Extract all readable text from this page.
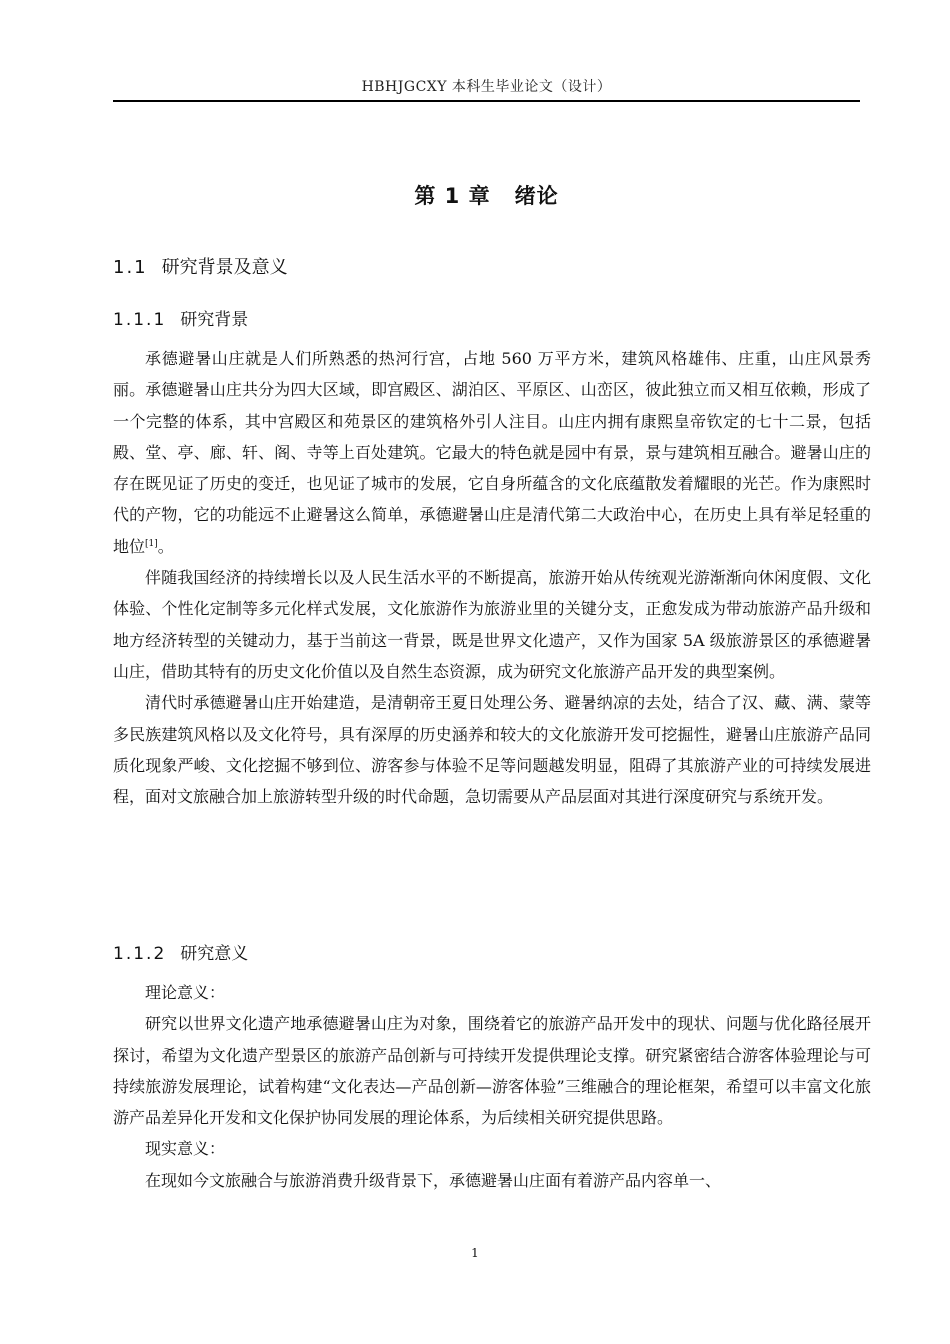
HBHJGCXY 本科生毕业论文（设计）
第 1 章 绪论
1.1 研究背景及意义
1.1.1 研究背景

承德避暑山庄就是人们所熟悉的热河行宫，占地 560 万平方米，建筑风格雄伟、庄重，山庄风景秀丽。承德避暑山庄共分为四大区域，即宫殿区、湖泊区、平原区、山峦区，彼此独立而又相互依赖，形成了一个完整的体系，其中宫殿区和苑景区的建筑格外引人注目。山庄内拥有康熙皇帝钦定的七十二景，包括殿、堂、亭、廊、轩、阁、寺等上百处建筑。它最大的特色就是园中有景，景与建筑相互融合。避暑山庄的存在既见证了历史的变迁，也见证了城市的发展，它自身所蕴含的文化底蕴散发着耀眼的光芒。作为康熙时代的产物，它的功能远不止避暑这么简单，承德避暑山庄是清代第二大政治中心，在历史上具有举足轻重的地位[1]。

伴随我国经济的持续增长以及人民生活水平的不断提高，旅游开始从传统观光游渐渐向休闲度假、文化体验、个性化定制等多元化样式发展，文化旅游作为旅游业里的关键分支，正愈发成为带动旅游产品升级和地方经济转型的关键动力，基于当前这一背景，既是世界文化遗产，又作为国家 5A 级旅游景区的承德避暑山庄，借助其特有的历史文化价值以及自然生态资源，成为研究文化旅游产品开发的典型案例。

清代时承德避暑山庄开始建造，是清朝帝王夏日处理公务、避暑纳凉的去处，结合了汉、藏、满、蒙等多民族建筑风格以及文化符号，具有深厚的历史涵养和较大的文化旅游开发可挖掘性，避暑山庄旅游产品同质化现象严峻、文化挖掘不够到位、游客参与体验不足等问题越发明显，阻碍了其旅游产业的可持续发展进程，面对文旅融合加上旅游转型升级的时代命题，急切需要从产品层面对其进行深度研究与系统开发。

1.1.2 研究意义

理论意义：

研究以世界文化遗产地承德避暑山庄为对象，围绕着它的旅游产品开发中的现状、问题与优化路径展开探讨，希望为文化遗产型景区的旅游产品创新与可持续开发提供理论支撑。研究紧密结合游客体验理论与可持续旅游发展理论，试着构建“文化表达—产品创新—游客体验”三维融合的理论框架，希望可以丰富文化旅游产品差异化开发和文化保护协同发展的理论体系，为后续相关研究提供思路。

现实意义：

在现如今文旅融合与旅游消费升级背景下，承德避暑山庄面有着游产品内容单一、

1
